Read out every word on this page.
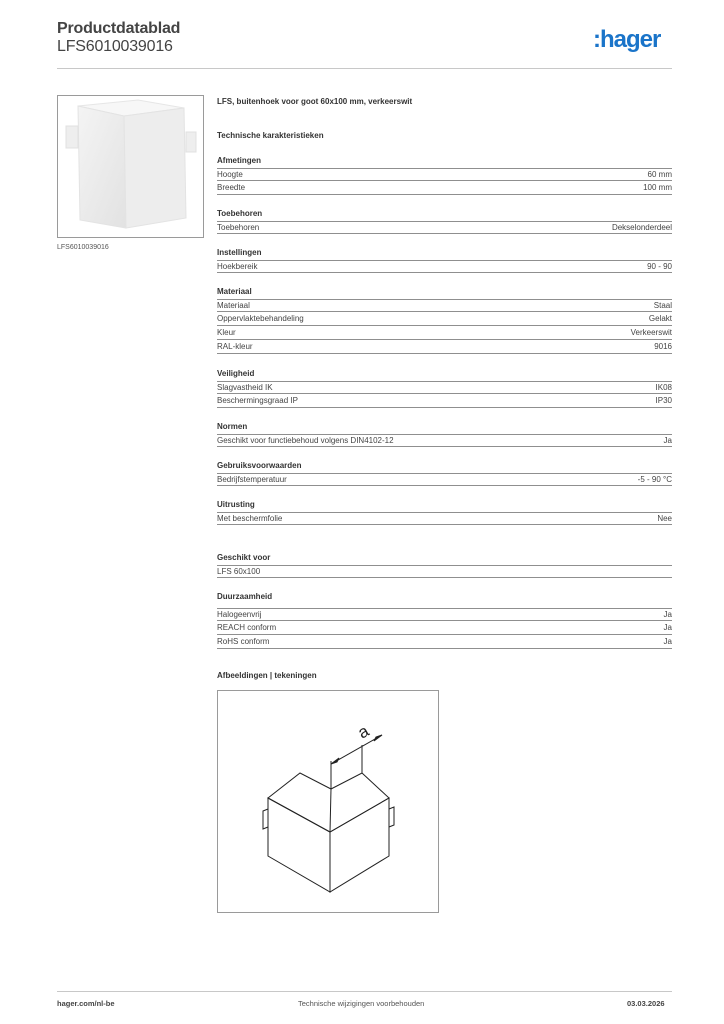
Productdatablad
LFS6010039016	:hager
LFS6010039016
LFS, buitenhoek voor goot 60x100 mm, verkeerswit
Technische karakteristieken
Afmetingen
Hoogte	60 mm
Breedte	100 mm
Toebehoren
Toebehoren	Dekselonderdeel
Instellingen
Hoekbereik	90 - 90
Materiaal
Materiaal	Staal
Oppervlaktebehandeling	Gelakt
Kleur	Verkeerswit
RAL-kleur	9016
Veiligheid
Slagvastheid IK	IK08
Beschermingsgraad IP	IP30
Normen
Geschikt voor functiebehoud volgens DIN4102-12	Ja
Gebruiksvoorwaarden
Bedrijfstemperatuur	-5 - 90 °C
Uitrusting
Met beschermfolie	Nee
Geschikt voor
LFS 60x100
Duurzaamheid
Halogeenvrij	Ja
REACH conform	Ja
RoHS conform	Ja
Afbeeldingen | tekeningen
a
hager.com/nl-be	Technische wijzigingen voorbehouden	03.03.2026
